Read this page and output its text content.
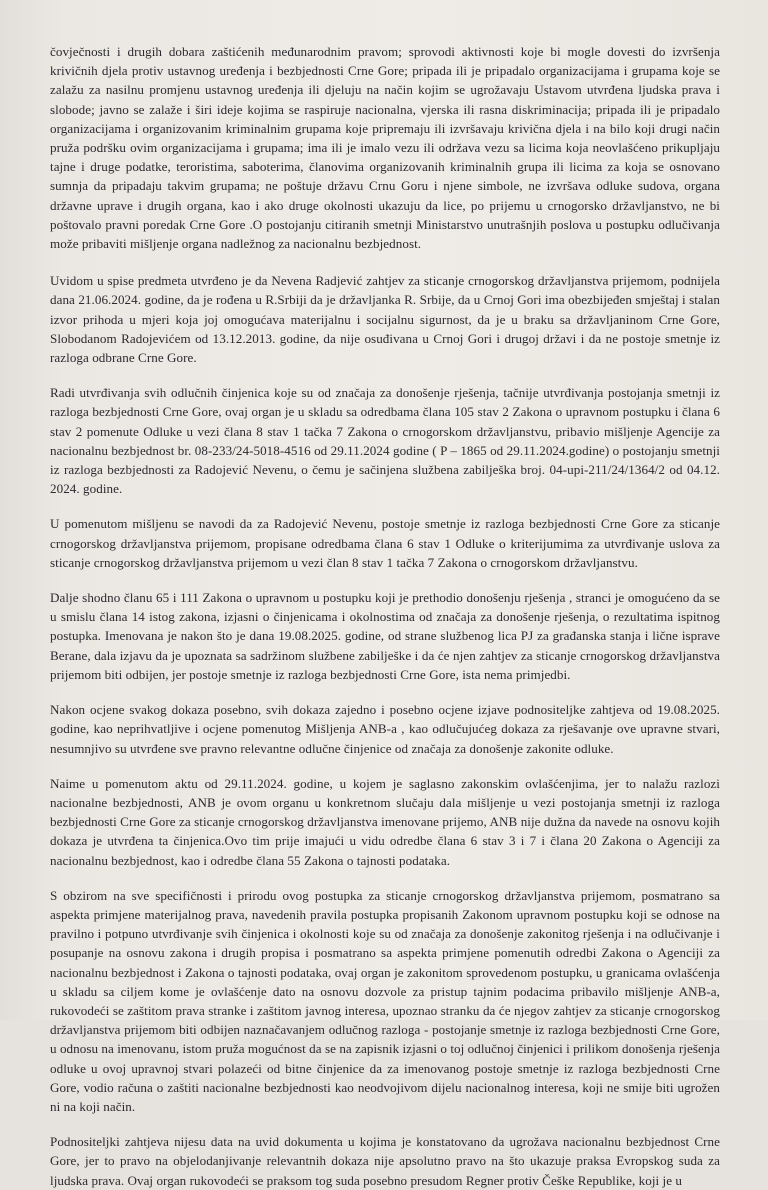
čovječnosti i drugih dobara zaštićenih međunarodnim pravom; sprovodi aktivnosti koje bi mogle dovesti do izvršenja krivičnih djela protiv ustavnog uređenja i bezbjednosti Crne Gore; pripada ili je pripadalo organizacijama i grupama koje se zalažu za nasilnu promjenu ustavnog uređenja ili djeluju na način kojim se ugrožavaju Ustavom utvrđena ljudska prava i slobode; javno se zalaže i širi ideje kojima se raspiruje nacionalna, vjerska ili rasna diskriminacija; pripada ili je pripadalo organizacijama i organizovanim kriminalnim grupama koje pripremaju ili izvršavaju krivična djela i na bilo koji drugi način pruža podršku ovim organizacijama i grupama; ima ili je imalo vezu ili održava vezu sa licima koja neovlašćeno prikupljaju tajne i druge podatke, teroristima, saboterima, članovima organizovanih kriminalnih grupa ili licima za koja se osnovano sumnja da pripadaju takvim grupama; ne poštuje državu Crnu Goru i njene simbole, ne izvršava odluke sudova, organa državne uprave i drugih organa, kao i ako druge okolnosti ukazuju da lice, po prijemu u crnogorsko državljanstvo, ne bi poštovalo pravni poredak Crne Gore .O postojanju citiranih smetnji Ministarstvo unutrašnjih poslova u postupku odlučivanja može pribaviti mišljenje organa nadležnog za nacionalnu bezbjednost.

Uvidom u spise predmeta utvrđeno je da Nevena Radjević zahtjev za sticanje crnogorskog državljanstva prijemom, podnijela dana 21.06.2024. godine, da je rođena u R.Srbiji da je državljanka R. Srbije, da u Crnoj Gori ima obezbijeđen smještaj i stalan izvor prihoda u mjeri koja joj omogućava materijalnu i socijalnu sigurnost, da je u braku sa državljaninom Crne Gore, Slobodanom Radojevićem od 13.12.2013. godine, da nije osuđivana u Crnoj Gori i drugoj državi i da ne postoje smetnje iz razloga odbrane Crne Gore.

Radi utvrđivanja svih odlučnih činjenica koje su od značaja za donošenje rješenja, tačnije utvrđivanja postojanja smetnji iz razloga bezbjednosti Crne Gore, ovaj organ je u skladu sa odredbama člana 105 stav 2 Zakona o upravnom postupku i člana 6 stav 2 pomenute Odluke u vezi člana 8 stav 1 tačka 7 Zakona o crnogorskom državljanstvu, pribavio mišljenje Agencije za nacionalnu bezbjednost br. 08-233/24-5018-4516 od 29.11.2024 godine ( P – 1865 od 29.11.2024.godine) o postojanju smetnji iz razloga bezbjednosti za Radojević Nevenu, o čemu je sačinjena službena zabilješka broj. 04-upi-211/24/1364/2 od 04.12. 2024. godine.

U pomenutom mišljenu se navodi da za Radojević Nevenu, postoje smetnje iz razloga bezbjednosti Crne Gore za sticanje crnogorskog državljanstva prijemom, propisane odredbama člana 6 stav 1 Odluke o kriterijumima za utvrđivanje uslova za sticanje crnogorskog državljanstva prijemom u vezi član 8 stav 1 tačka 7 Zakona o crnogorskom državljanstvu.

Dalje shodno članu 65 i 111 Zakona o upravnom u postupku koji je prethodio donošenju rješenja , stranci je omogućeno da se u smislu člana 14 istog zakona, izjasni o činjenicama i okolnostima od značaja za donošenje rješenja, o rezultatima ispitnog postupka. Imenovana je nakon što je dana 19.08.2025. godine, od strane službenog lica PJ za građanska stanja i lične isprave Berane, dala izjavu da je upoznata sa sadržinom službene zabilješke i da će njen zahtjev za sticanje crnogorskog državljanstva prijemom biti odbijen, jer postoje smetnje iz razloga bezbjednosti Crne Gore, ista nema primjedbi.

Nakon ocjene svakog dokaza posebno, svih dokaza zajedno i posebno ocjene izjave podnositeljke zahtjeva od 19.08.2025. godine, kao neprihvatljive i ocjene pomenutog Mišljenja ANB-a , kao odlučujućeg dokaza za rješavanje ove upravne stvari, nesumnjivo su utvrđene sve pravno relevantne odlučne činjenice od značaja za donošenje zakonite odluke.

Naime u pomenutom aktu od 29.11.2024. godine, u kojem je saglasno zakonskim ovlašćenjima, jer to nalažu razlozi nacionalne bezbjednosti, ANB je ovom organu u konkretnom slučaju dala mišljenje u vezi postojanja smetnji iz razloga bezbjednosti Crne Gore za sticanje crnogorskog državljanstva imenovane prijemo, ANB nije dužna da navede na osnovu kojih dokaza je utvrđena ta činjenica.Ovo tim prije imajući u vidu odredbe člana 6 stav 3 i 7 i člana 20 Zakona o Agenciji za nacionalnu bezbjednost, kao i odredbe člana 55 Zakona o tajnosti podataka.

S obzirom na sve specifičnosti i prirodu ovog postupka za sticanje crnogorskog državljanstva prijemom, posmatrano sa aspekta primjene materijalnog prava, navedenih pravila postupka propisanih Zakonom upravnom postupku koji se odnose na pravilno i potpuno utvrđivanje svih činjenica i okolnosti koje su od značaja za donošenje zakonitog rješenja i na odlučivanje i posupanje na osnovu zakona i drugih propisa i posmatrano sa aspekta primjene pomenutih odredbi Zakona o Agenciji za nacionalnu bezbjednost i Zakona o tajnosti podataka, ovaj organ je zakonitom sprovedenom postupku, u granicama ovlašćenja u skladu sa ciljem kome je ovlašćenje dato na osnovu dozvole za pristup tajnim podacima pribavilo mišljenje ANB-a, rukovodeći se zaštitom prava stranke i zaštitom javnog interesa, upoznao stranku da će njegov zahtjev za sticanje crnogorskog državljanstva prijemom biti odbijen naznačavanjem odlučnog razloga - postojanje smetnje iz razloga bezbjednosti Crne Gore, u odnosu na imenovanu, istom pruža mogućnost da se na zapisnik izjasni o toj odlučnoj činjenici i prilikom donošenja rješenja odluke u ovoj upravnoj stvari polazeći od bitne činjenice da za imenovanog postoje smetnje iz razloga bezbjednosti Crne Gore, vodio računa o zaštiti nacionalne bezbjednosti kao neodvojivom dijelu nacionalnog interesa, koji ne smije biti ugrožen ni na koji način.

Podnositeljki zahtjeva nijesu data na uvid dokumenta u kojima je konstatovano da ugrožava nacionalnu bezbjednost Crne Gore, jer to pravo na objelodanjivanje relevantnih dokaza nije apsolutno pravo na što ukazuje praksa Evropskog suda za ljudska prava. Ovaj organ rukovodeći se praksom tog suda posebno presudom Regner protiv Češke Republike, koji je u
